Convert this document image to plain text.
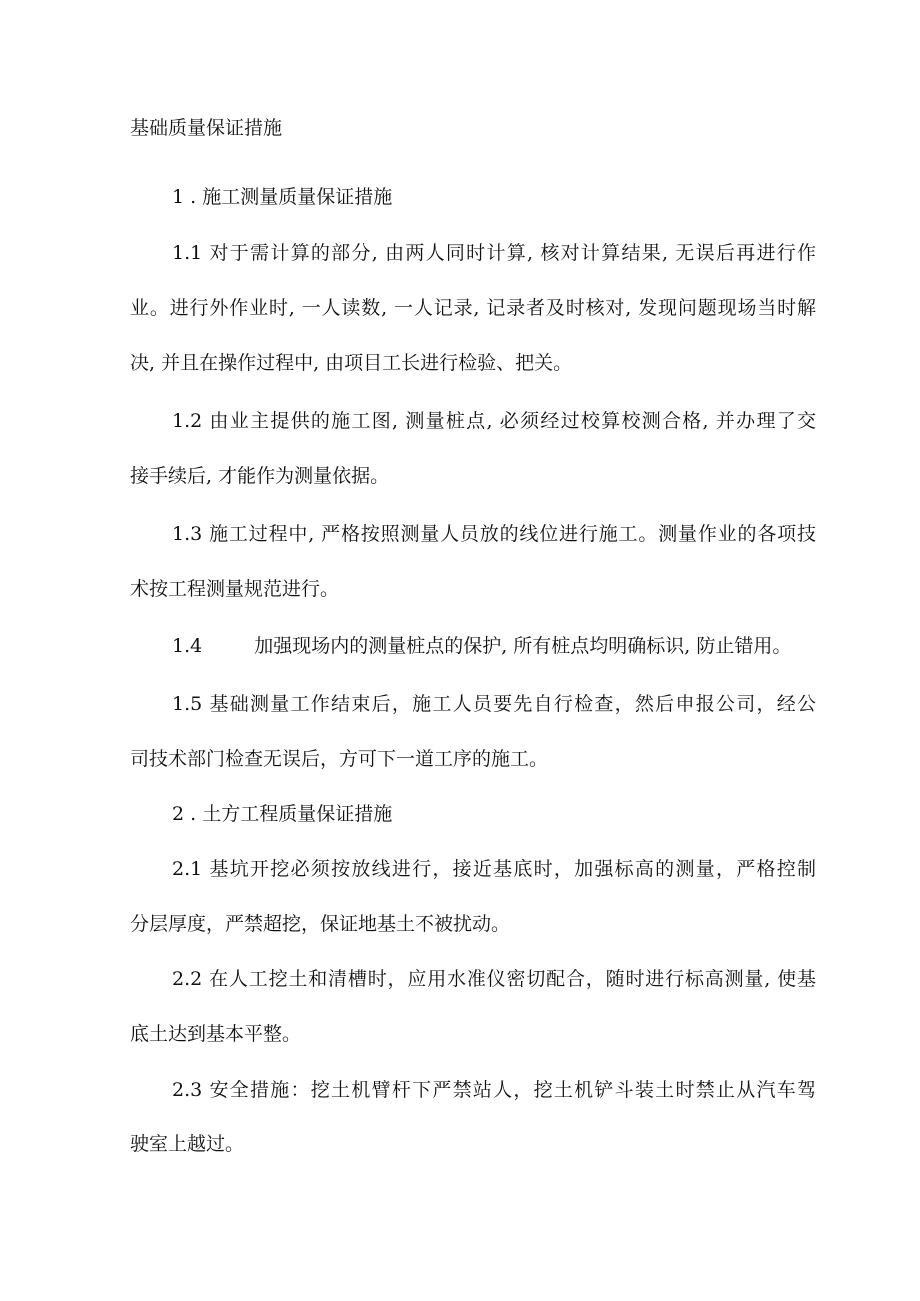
基础质量保证措施
1 . 施工测量质量保证措施
1.1 对于需计算的部分, 由两人同时计算, 核对计算结果, 无误后再进行作
业。进行外作业时, 一人读数, 一人记录, 记录者及时核对, 发现问题现场当时解
决, 并且在操作过程中, 由项目工长进行检验、把关。
1.2 由业主提供的施工图, 测量桩点, 必须经过校算校测合格, 并办理了交
接手续后, 才能作为测量依据。
1.3 施工过程中, 严格按照测量人员放的线位进行施工。测量作业的各项技
术按工程测量规范进行。
1.4	加强现场内的测量桩点的保护, 所有桩点均明确标识, 防止错用。
1.5 基础测量工作结束后，施工人员要先自行检查，然后申报公司，经公
司技术部门检查无误后，方可下一道工序的施工。
2 . 土方工程质量保证措施
2.1 基坑开挖必须按放线进行，接近基底时，加强标高的测量，严格控制
分层厚度，严禁超挖，保证地基土不被扰动。
2.2 在人工挖土和清槽时，应用水准仪密切配合，随时进行标高测量, 使基
底土达到基本平整。
2.3 安全措施：挖土机臂杆下严禁站人，挖土机铲斗装土时禁止从汽车驾
驶室上越过。
